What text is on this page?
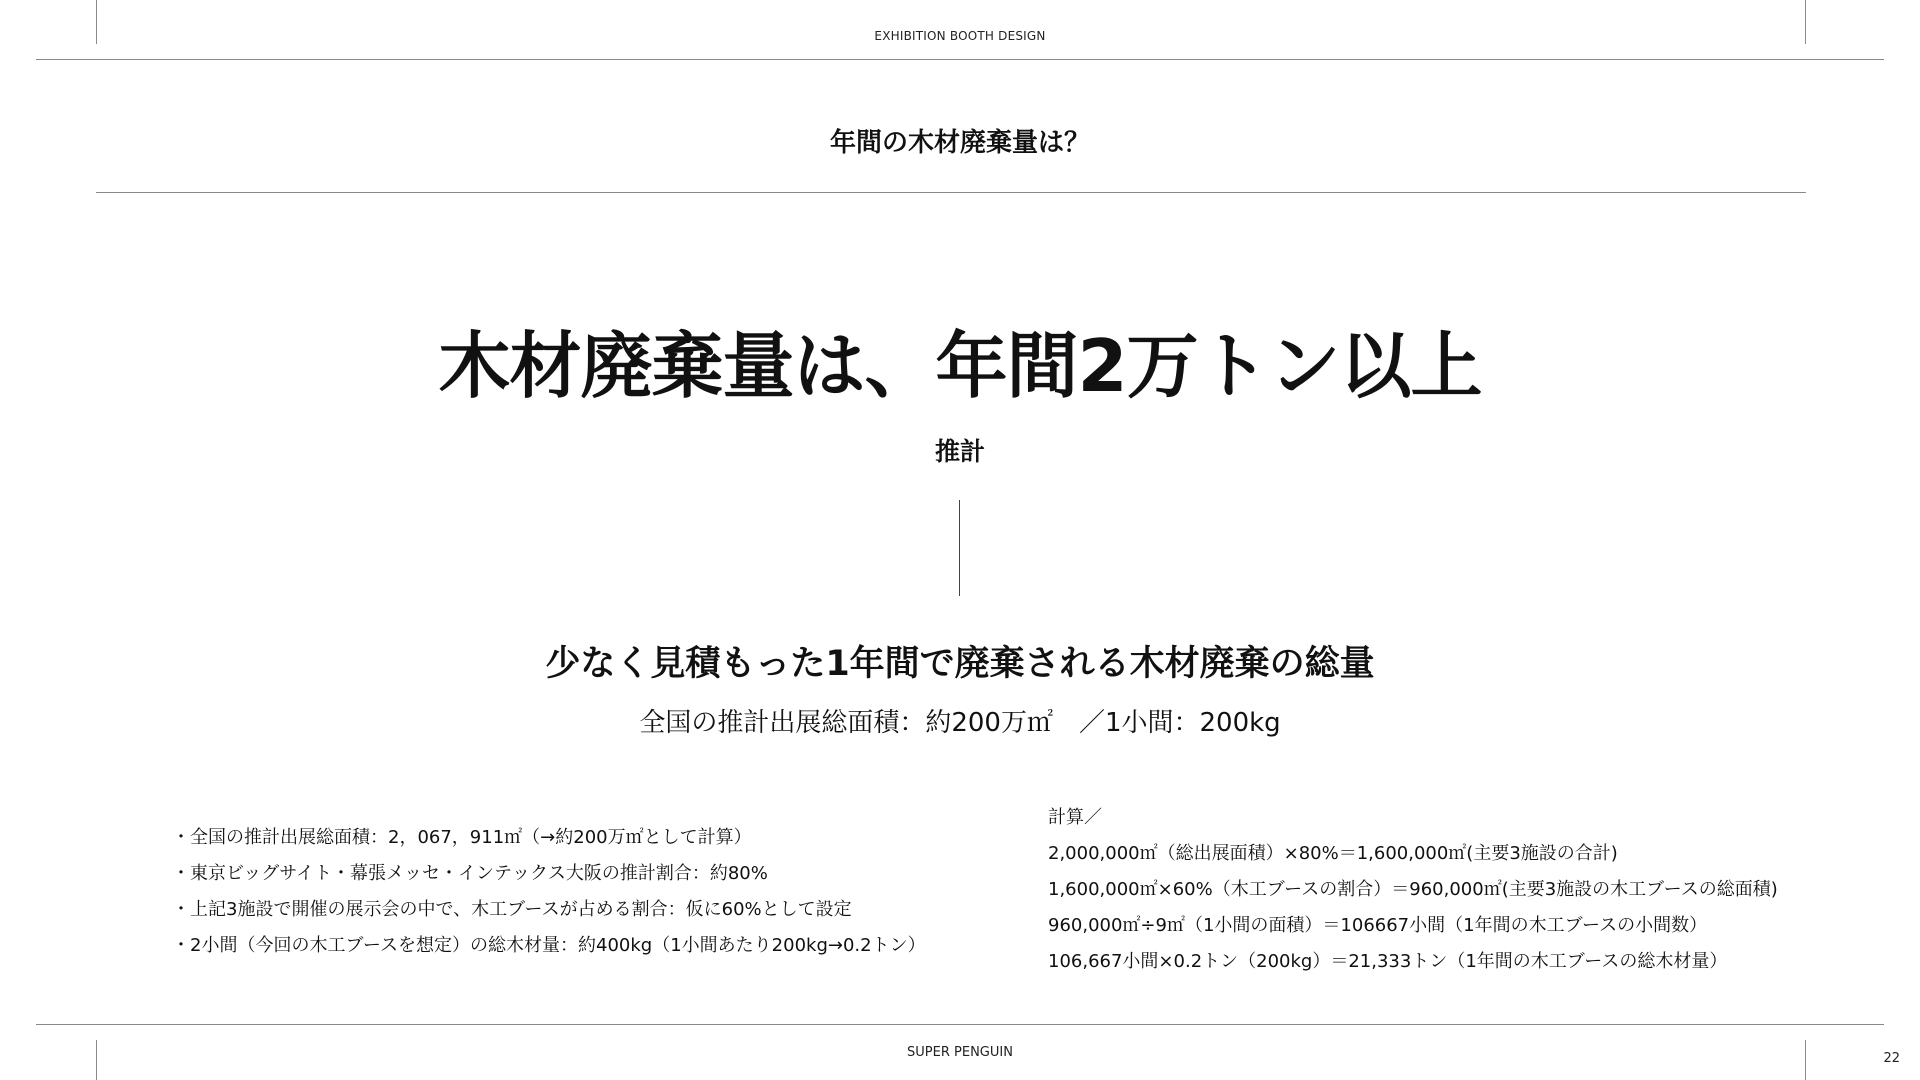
EXHIBITION BOOTH DESIGN
年間の木材廃棄量は？
木材廃棄量は、年間2万トン以上
推計
少なく見積もった1年間で廃棄される木材廃棄の総量
全国の推計出展総面積：約200万㎡　／1小間：200kg
・全国の推計出展総面積：2，067，911㎡（→約200万㎡として計算）
・東京ビッグサイト・幕張メッセ・インテックス大阪の推計割合：約80%
・上記3施設で開催の展示会の中で、木工ブースが占める割合：仮に60%として設定
・2小間（今回の木工ブースを想定）の総木材量：約400kg（1小間あたり200kg→0.2トン）
計算／
2,000,000㎡（総出展面積）×80%＝1,600,000㎡(主要3施設の合計)
1,600,000㎡×60%（木工ブースの割合）＝960,000㎡(主要3施設の木工ブースの総面積)
960,000㎡÷9㎡（1小間の面積）＝106667小間（1年間の木工ブースの小間数）
106,667小間×0.2トン（200kg）＝21,333トン（1年間の木工ブースの総木材量）
SUPER PENGUIN	22
